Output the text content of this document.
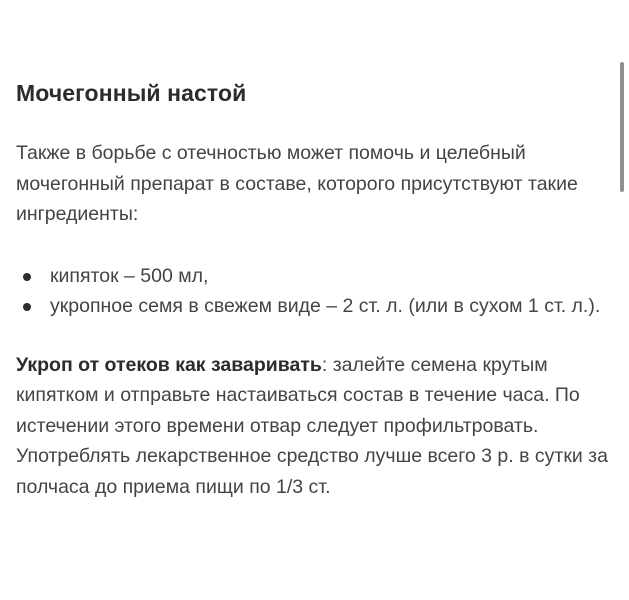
Мочегонный настой

Также в борьбе с отечностью может помочь и целебный мочегонный препарат в составе, которого присутствуют такие ингредиенты:

кипяток – 500 мл,
укропное семя в свежем виде – 2 ст. л. (или в сухом 1 ст. л.).

Укроп от отеков как заваривать: залейте семена крутым кипятком и отправьте настаиваться состав в течение часа. По истечении этого времени отвар следует профильтровать. Употреблять лекарственное средство лучше всего 3 р. в сутки за полчаса до приема пищи по 1/3 ст.
